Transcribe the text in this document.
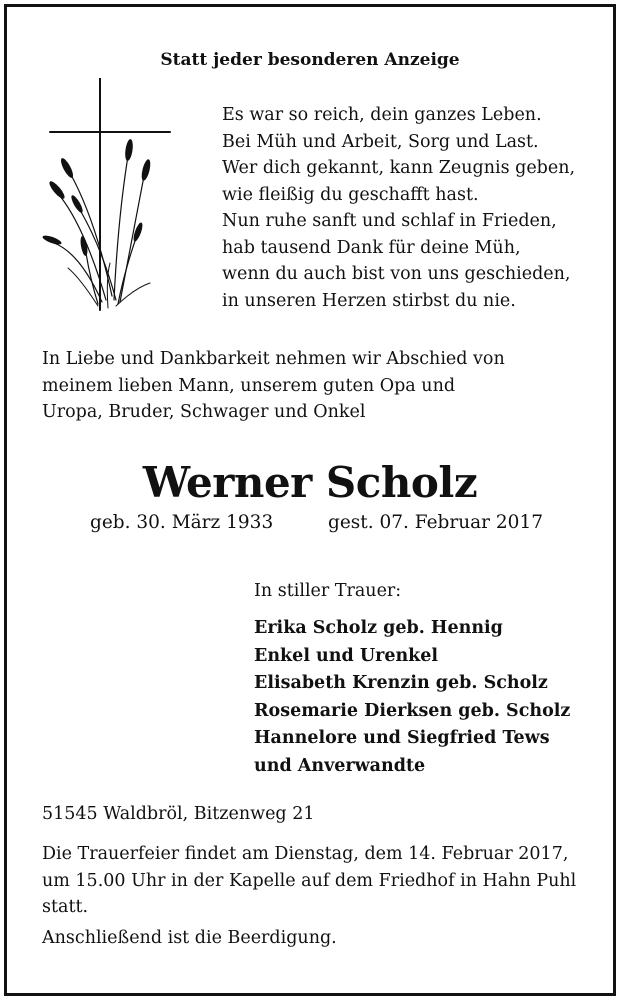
Statt jeder besonderen Anzeige
Es war so reich, dein ganzes Leben.
Bei Müh und Arbeit, Sorg und Last.
Wer dich gekannt, kann Zeugnis geben,
wie fleißig du geschafft hast.
Nun ruhe sanft und schlaf in Frieden,
hab tausend Dank für deine Müh,
wenn du auch bist von uns geschieden,
in unseren Herzen stirbst du nie.
In Liebe und Dankbarkeit nehmen wir Abschied von
meinem lieben Mann, unserem guten Opa und
Uropa, Bruder, Schwager und Onkel
Werner Scholz
geb. 30. März 1933	gest. 07. Februar 2017
In stiller Trauer:
Erika Scholz geb. Hennig
Enkel und Urenkel
Elisabeth Krenzin geb. Scholz
Rosemarie Dierksen geb. Scholz
Hannelore und Siegfried Tews
und Anverwandte
51545 Waldbröl, Bitzenweg 21
Die Trauerfeier findet am Dienstag, dem 14. Februar 2017,
um 15.00 Uhr in der Kapelle auf dem Friedhof in Hahn Puhl
statt.
Anschließend ist die Beerdigung.
